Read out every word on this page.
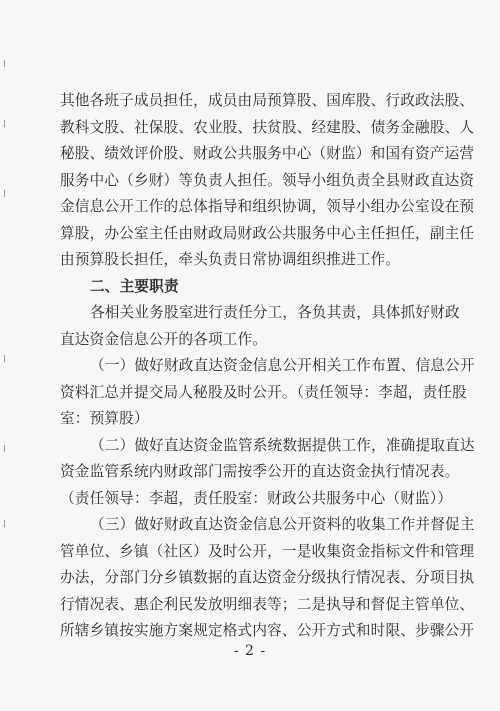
其他各班子成员担任，成员由局预算股、国库股、行政政法股、
教科文股、社保股、农业股、扶贫股、经建股、债务金融股、人
秘股、绩效评价股、财政公共服务中心（财监）和国有资产运营
服务中心（乡财）等负责人担任。领导小组负责全县财政直达资
金信息公开工作的总体指导和组织协调，领导小组办公室设在预
算股，办公室主任由财政局财政公共服务中心主任担任，副主任
由预算股长担任，牵头负责日常协调组织推进工作。
二、主要职责
各相关业务股室进行责任分工，各负其责，具体抓好财政
直达资金信息公开的各项工作。
（一）做好财政直达资金信息公开相关工作布置、信息公开
资料汇总并提交局人秘股及时公开。（责任领导：李超，责任股
室：预算股）
（二）做好直达资金监管系统数据提供工作，准确提取直达
资金监管系统内财政部门需按季公开的直达资金执行情况表。
（责任领导：李超，责任股室：财政公共服务中心（财监））
（三）做好财政直达资金信息公开资料的收集工作并督促主
管单位、乡镇（社区）及时公开，一是收集资金指标文件和管理
办法，分部门分乡镇数据的直达资金分级执行情况表、分项目执
行情况表、惠企利民发放明细表等；二是执导和督促主管单位、
所辖乡镇按实施方案规定格式内容、公开方式和时限、步骤公开
- 2 -
